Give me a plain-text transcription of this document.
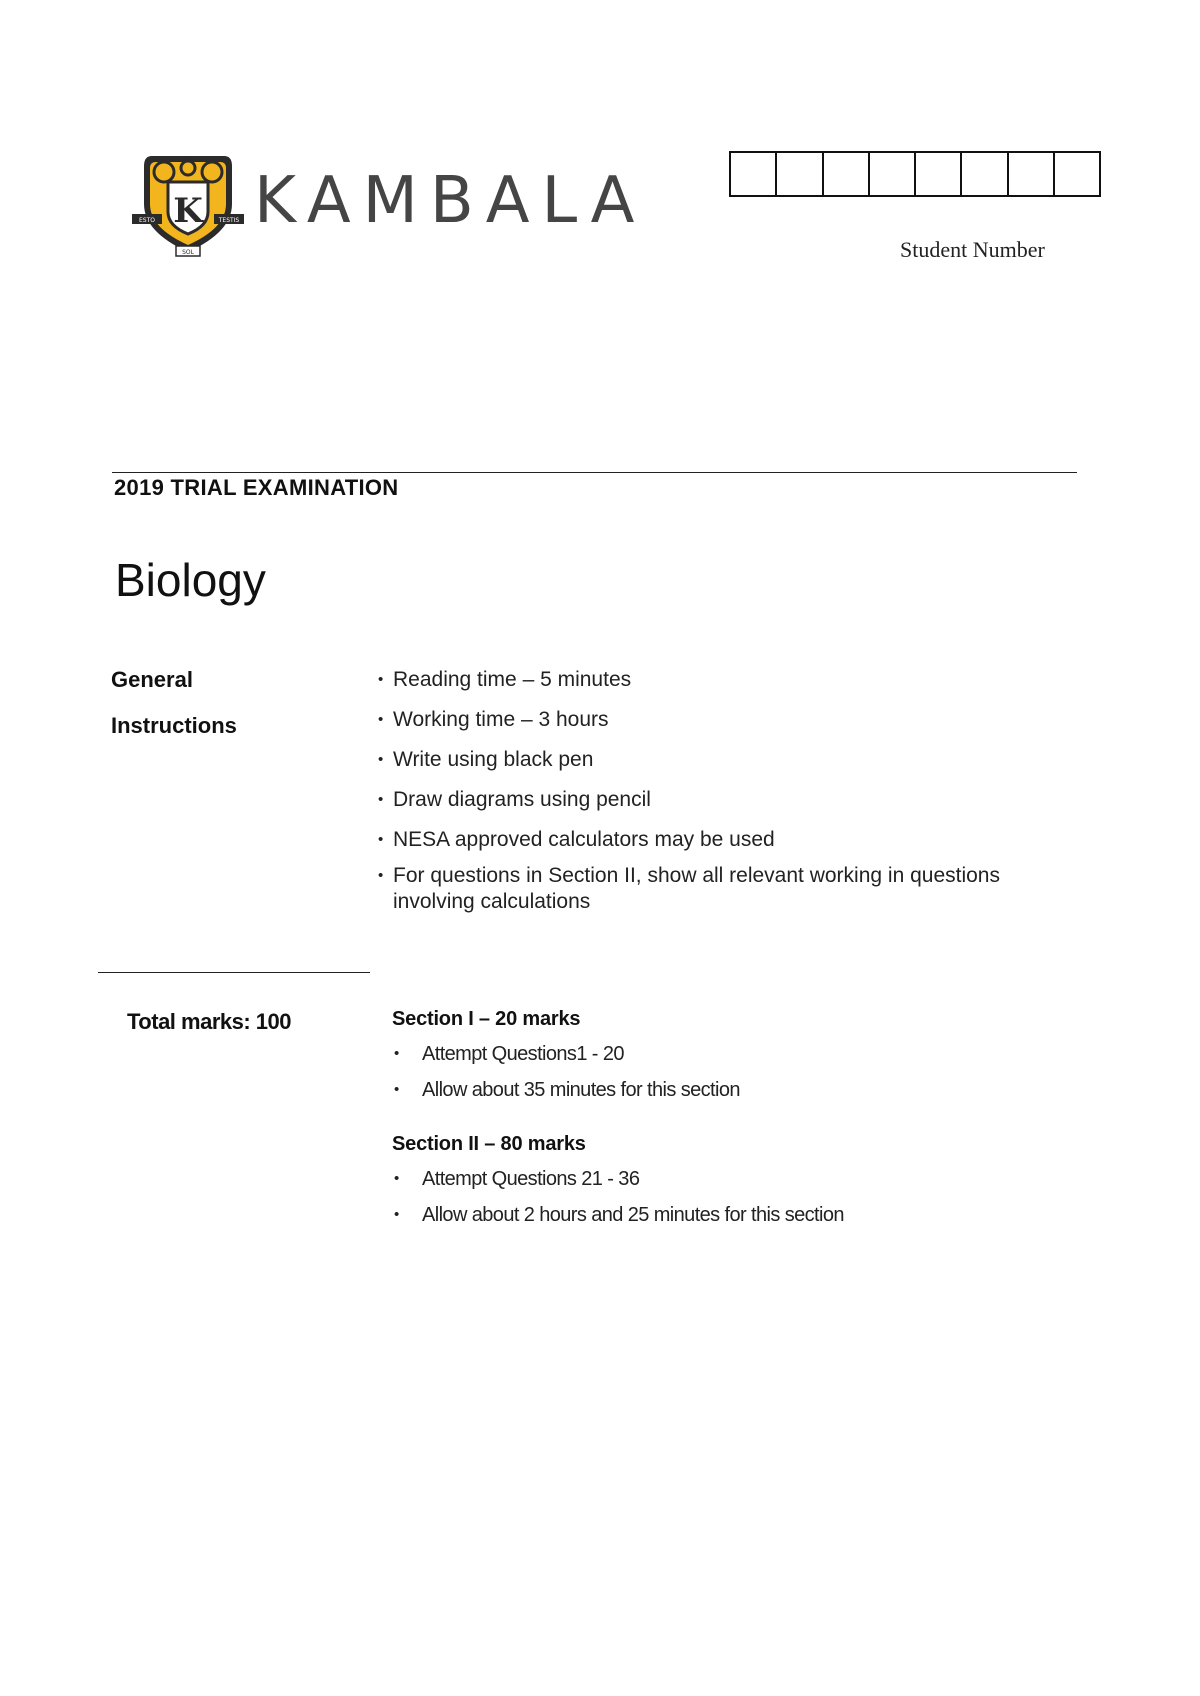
K
ESTO	TESTIS
SOL
KAMBALA
Student Number
2019 TRIAL EXAMINATION
Biology
General
Instructions
• Reading time – 5 minutes
• Working time – 3 hours
• Write using black pen
• Draw diagrams using pencil
• NESA approved calculators may be used
• For questions in Section II, show all relevant working in questions involving calculations
Total marks: 100	Section I – 20 marks
• Attempt Questions1 - 20
• Allow about 35 minutes for this section
Section II – 80 marks
• Attempt Questions 21 - 36
• Allow about 2 hours and 25 minutes for this section
